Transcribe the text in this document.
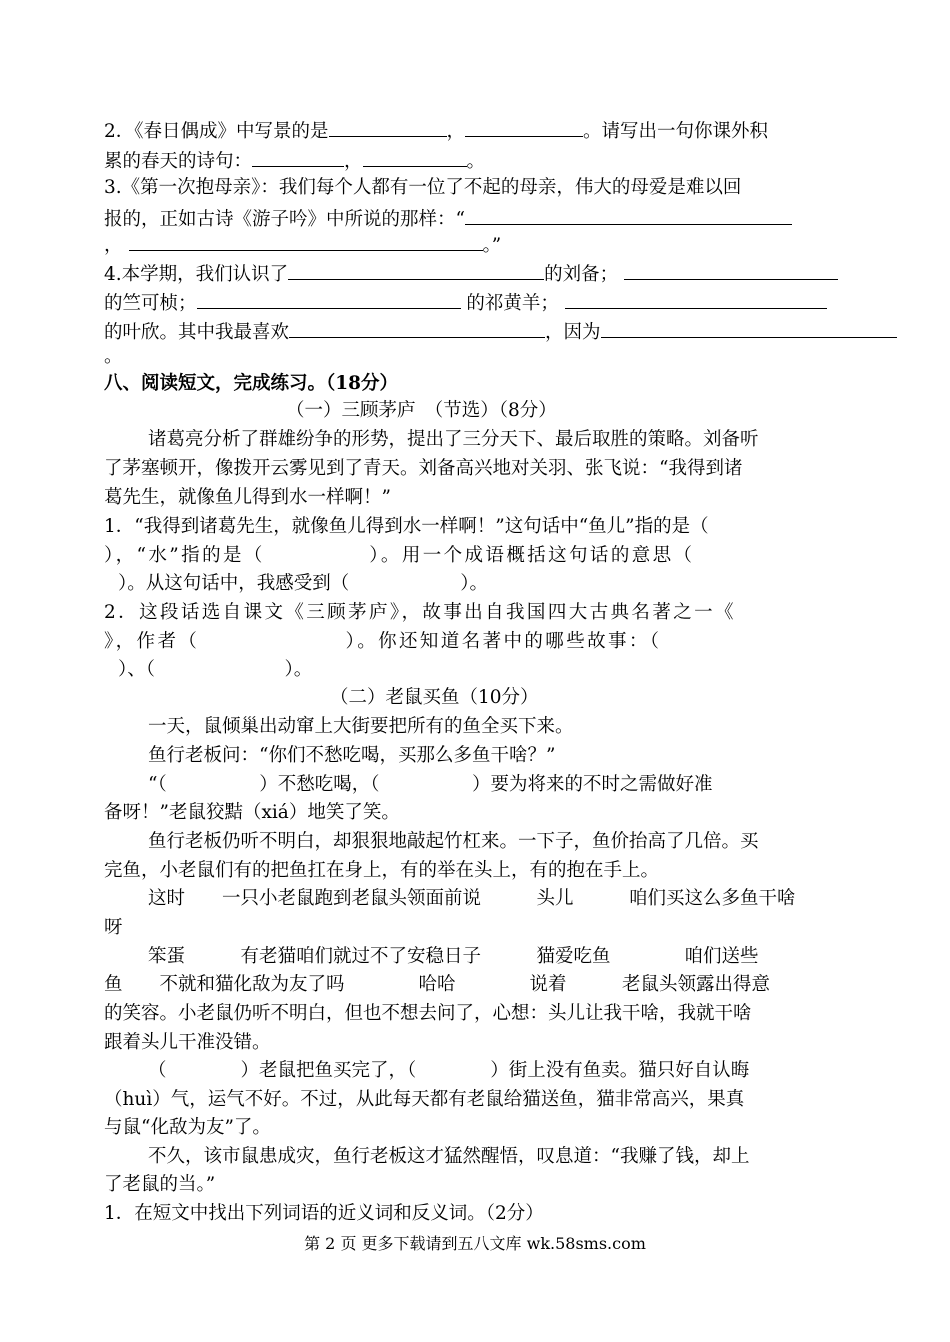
2．《春日偶成》中写景的是	，	。请写出一句你课外积
累的春天的诗句：	，	。
3.《第一次抱母亲》：我们每个人都有一位了不起的母亲，伟大的母爱是难以回
报的，正如古诗《游子吟》中所说的那样：“
，	。”
4.本学期，我们认识了	的刘备；
的竺可桢；	的祁黄羊；
的叶欣。其中我最喜欢	，因为
。
八、阅读短文，完成练习。（18分）
（一）三顾茅庐　（节选）（8分）
诸葛亮分析了群雄纷争的形势，提出了三分天下、最后取胜的策略。刘备听
了茅塞顿开，像拨开云雾见到了青天。刘备高兴地对关羽、张飞说：“我得到诸
葛先生，就像鱼儿得到水一样啊！”
1．“我得到诸葛先生，就像鱼儿得到水一样啊！”这句话中“鱼儿”指的是（
），“水”指的是（　　　　　）。用一个成语概括这句话的意思（
）。从这句话中，我感受到（　　　　　　）。
2．这段话选自课文《三顾茅庐》，故事出自我国四大古典名著之一《
》，作者（　　　　　　　）。你还知道名著中的哪些故事：（
）、（　　　　　　　）。
（二）老鼠买鱼（10分）
一天，鼠倾巢出动窜上大街要把所有的鱼全买下来。
鱼行老板问：“你们不愁吃喝，买那么多鱼干啥？”
“（　　　　　）不愁吃喝，（　　　　　）要为将来的不时之需做好准
备呀！”老鼠狡黠（xiá）地笑了笑。
鱼行老板仍听不明白，却狠狠地敲起竹杠来。一下子，鱼价抬高了几倍。买
完鱼，小老鼠们有的把鱼扛在身上，有的举在头上，有的抱在手上。
这时　　一只小老鼠跑到老鼠头领面前说　　　头儿　　　咱们买这么多鱼干啥
呀
笨蛋　　　有老猫咱们就过不了安稳日子　　　猫爱吃鱼　　　　咱们送些
鱼　　不就和猫化敌为友了吗　　　　哈哈　　　　说着　　　老鼠头领露出得意
的笑容。小老鼠仍听不明白，但也不想去问了，心想：头儿让我干啥，我就干啥
跟着头儿干准没错。
（　　　　）老鼠把鱼买完了，（　　　　）街上没有鱼卖。猫只好自认晦
（huì）气，运气不好。不过，从此每天都有老鼠给猫送鱼，猫非常高兴，果真
与鼠“化敌为友”了。
不久，该市鼠患成灾，鱼行老板这才猛然醒悟，叹息道：“我赚了钱，却上
了老鼠的当。”
1．在短文中找出下列词语的近义词和反义词。（2分）
第 2 页 更多下载请到五八文库 wk.58sms.com
